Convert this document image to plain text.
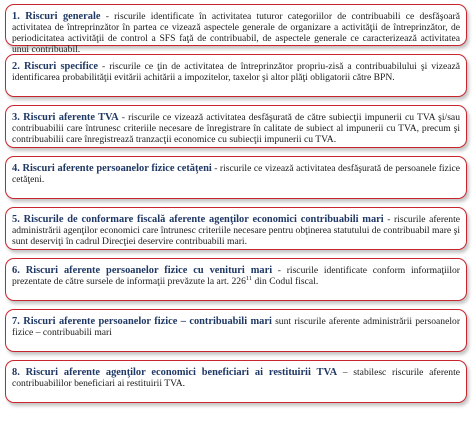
1. Riscuri generale - riscurile identificate în activitatea tuturor categoriilor de contribuabili ce desfăşoară activitatea de întreprinzător în partea ce vizează aspectele generale de organizare a activităţii de întreprinzător, de periodicitatea activităţii de control a SFS faţă de contribuabil, de aspectele generale ce caracterizează activitatea unui contribuabil.
2. Riscuri specifice - riscurile ce ţin de activitatea de întreprinzător propriu-zisă a contribuabilului şi vizează identificarea probabilităţii evitării achitării a impozitelor, taxelor şi altor plăţi obligatorii către BPN.
3. Riscuri aferente TVA - riscurile ce vizează activitatea desfăşurată de către subiecţii impunerii cu TVA şi/sau contribuabilii care întrunesc criteriile necesare de înregistrare în calitate de subiect al impunerii cu TVA, precum şi contribuabilii care înregistrează tranzacţii economice cu subiecţii impunerii cu TVA.
4. Riscuri aferente persoanelor fizice cetăţeni - riscurile ce vizează activitatea desfăşurată de persoanele fizice cetăţeni.
5. Riscurile de conformare fiscală aferente agenţilor economici contribuabili mari - riscurile aferente administrării agenţilor economici care întrunesc criteriile necesare pentru obţinerea statutului de contribuabil mare şi sunt deserviţi în cadrul Direcţiei deservire contribuabili mari.
6. Riscuri aferente persoanelor fizice cu venituri mari - riscurile identificate conform informaţiilor prezentate de către sursele de informaţii prevăzute la art. $226^{11}$ din Codul fiscal.
7. Riscuri aferente persoanelor fizice – contribuabili mari sunt riscurile aferente administrării persoanelor fizice – contribuabili mari
8. Riscuri aferente agenţilor economici beneficiari ai restituirii TVA – stabilesc riscurile aferente contribuabililor beneficiari ai restituirii TVA.
